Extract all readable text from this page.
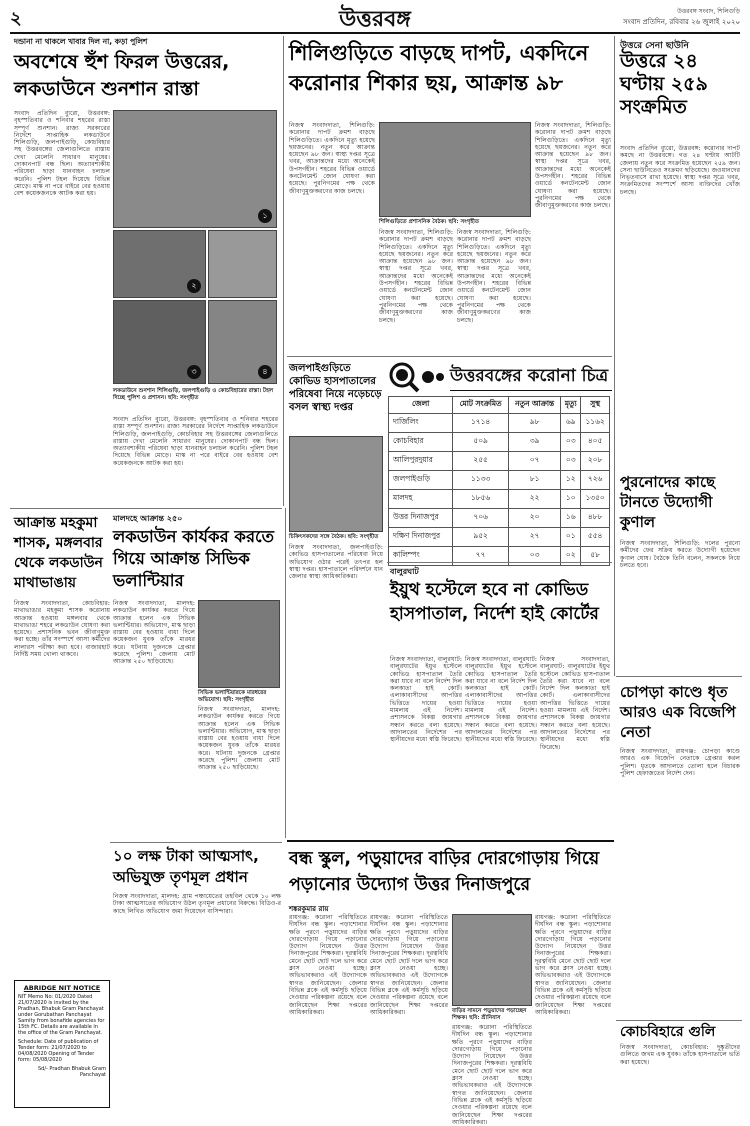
২	উত্তরবঙ্গ	উত্তরবঙ্গ সংবাদ, শিলিগুড়ি
সংবাদ প্রতিদিন, রবিবার ২৬ জুলাই ২০২০
দন্ডানা না থাকলে খাবার দিল না, কড়া পুলিশ
অবশেষে হুঁশ ফিরল উত্তরের, লকডাউনে শুনশান রাস্তা
সংবাদ প্রতিদিন ব্যুরো, উত্তরবঙ্গ: বৃহস্পতিবার ও শনিবার শহরের রাস্তা সম্পূর্ণ শুনশান। রাজ্য সরকারের নির্দেশে সাপ্তাহিক লকডাউনে শিলিগুড়ি, জলপাইগুড়ি, কোচবিহার সহ উত্তরবঙ্গের জেলাগুলিতে রাস্তায় দেখা মেলেনি সাধারণ মানুষের। দোকানপাট বন্ধ ছিল। অত্যাবশ্যকীয় পরিষেবা ছাড়া যানবাহন চলাচল করেনি। পুলিশ টহল দিয়েছে বিভিন্ন মোড়ে। মাস্ক না পরে বাইরে বের হওয়ায় বেশ কয়েকজনকে আটক করা হয়।
১
২
৩	৪
লকডাউনে শুনশান শিলিগুড়ি, জলপাইগুড়ি ও কোচবিহারের রাস্তা। টহল দিচ্ছে পুলিশ ও প্রশাসন। ছবি: সংগৃহীত
সংবাদ প্রতিদিন ব্যুরো, উত্তরবঙ্গ: বৃহস্পতিবার ও শনিবার শহরের রাস্তা সম্পূর্ণ শুনশান। রাজ্য সরকারের নির্দেশে সাপ্তাহিক লকডাউনে শিলিগুড়ি, জলপাইগুড়ি, কোচবিহার সহ উত্তরবঙ্গের জেলাগুলিতে রাস্তায় দেখা মেলেনি সাধারণ মানুষের। দোকানপাট বন্ধ ছিল। অত্যাবশ্যকীয় পরিষেবা ছাড়া যানবাহন চলাচল করেনি। পুলিশ টহল দিয়েছে বিভিন্ন মোড়ে। মাস্ক না পরে বাইরে বের হওয়ায় বেশ কয়েকজনকে আটক করা হয়।
শিলিগুড়িতে বাড়ছে দাপট, একদিনে করোনার শিকার ছয়, আক্রান্ত ৯৮
নিজস্ব সংবাদদাতা, শিলিগুড়ি: করোনার দাপট ক্রমশ বাড়ছে শিলিগুড়িতে। একদিনে মৃত্যু হয়েছে ছয়জনের। নতুন করে আক্রান্ত হয়েছেন ৯৮ জন। স্বাস্থ্য দপ্তর সূত্রে খবর, আক্রান্তদের মধ্যে অনেকেই উপসর্গহীন। শহরের বিভিন্ন ওয়ার্ডে কনটেনমেন্ট জোন ঘোষণা করা হয়েছে। পুরনিগমের পক্ষ থেকে জীবাণুমুক্তকরণের কাজ চলছে।
শিলিগুড়িতে প্রশাসনিক বৈঠক। ছবি: সংগৃহীত
নিজস্ব সংবাদদাতা, শিলিগুড়ি: করোনার দাপট ক্রমশ বাড়ছে শিলিগুড়িতে। একদিনে মৃত্যু হয়েছে ছয়জনের। নতুন করে আক্রান্ত হয়েছেন ৯৮ জন। স্বাস্থ্য দপ্তর সূত্রে খবর, আক্রান্তদের মধ্যে অনেকেই উপসর্গহীন। শহরের বিভিন্ন ওয়ার্ডে কনটেনমেন্ট জোন ঘোষণা করা হয়েছে। পুরনিগমের পক্ষ থেকে জীবাণুমুক্তকরণের কাজ চলছে।
নিজস্ব সংবাদদাতা, শিলিগুড়ি: করোনার দাপট ক্রমশ বাড়ছে শিলিগুড়িতে। একদিনে মৃত্যু হয়েছে ছয়জনের। নতুন করে আক্রান্ত হয়েছেন ৯৮ জন। স্বাস্থ্য দপ্তর সূত্রে খবর, আক্রান্তদের মধ্যে অনেকেই উপসর্গহীন। শহরের বিভিন্ন ওয়ার্ডে কনটেনমেন্ট জোন ঘোষণা করা হয়েছে। পুরনিগমের পক্ষ থেকে জীবাণুমুক্তকরণের কাজ চলছে।
নিজস্ব সংবাদদাতা, শিলিগুড়ি: করোনার দাপট ক্রমশ বাড়ছে শিলিগুড়িতে। একদিনে মৃত্যু হয়েছে ছয়জনের। নতুন করে আক্রান্ত হয়েছেন ৯৮ জন। স্বাস্থ্য দপ্তর সূত্রে খবর, আক্রান্তদের মধ্যে অনেকেই উপসর্গহীন। শহরের বিভিন্ন ওয়ার্ডে কনটেনমেন্ট জোন ঘোষণা করা হয়েছে। পুরনিগমের পক্ষ থেকে জীবাণুমুক্তকরণের কাজ চলছে।
উত্তরে সেনা ছাউনি
উত্তরে ২৪ ঘণ্টায় ২৫৯ সংক্রমিত
সংবাদ প্রতিদিন ব্যুরো, উত্তরবঙ্গ: করোনার দাপট কমছে না উত্তরবঙ্গে। গত ২৪ ঘণ্টায় আটটি জেলায় নতুন করে সংক্রমিত হয়েছেন ২৫৯ জন। সেনা ছাউনিতেও সংক্রমণ ছড়িয়েছে। জওয়ানদের নিভৃতবাসে রাখা হয়েছে। স্বাস্থ্য দপ্তর সূত্রে খবর, সংক্রমিতদের সংস্পর্শে আসা ব্যক্তিদের খোঁজ চলছে।
পুরনোদের কাছে টানতে উদ্যোগী কুণাল
নিজস্ব সংবাদদাতা, শিলিগুড়ি: দলের পুরনো কর্মীদের ফের সক্রিয় করতে উদ্যোগী হয়েছেন কুণাল ঘোষ। বৈঠকে তিনি বলেন, সকলকে নিয়ে চলতে হবে।
জলপাইগুড়িতে কোভিড হাসপাতালের পরিষেবা নিয়ে নড়েচড়ে বসল স্বাস্থ্য দপ্তর
চিকিৎসকদের সঙ্গে বৈঠক। ছবি: সংগৃহীত
নিজস্ব সংবাদদাতা, জলপাইগুড়ি: কোভিড হাসপাতালের পরিষেবা নিয়ে অভিযোগ ওঠার পরেই তৎপর হল স্বাস্থ্য দপ্তর। হাসপাতালে পরিদর্শনে যান জেলার স্বাস্থ্য আধিকারিকরা।
উত্তরবঙ্গের করোনা চিত্র
জেলা	মোট সংক্রমিত	নতুন আক্রান্ত	মৃত্যু	সুস্থ
দার্জিলিং	১৭১৪	৯৮	৬৯	১১৬২
কোচবিহার	৫০৯	৩৯	০৩	৪০৫
আলিপুরদুয়ার	২৫৫	০৭	০৩	২০৮
জলপাইগুড়ি	১১৩৩	৮১	১২	৭২৬
মালদহ	১৮৫৬	২২	১০	১৩৫০
উত্তর দিনাজপুর	৭০৬	২০	১৬	৪৮৮
দক্ষিণ দিনাজপুর	৯৫২	২৭	০১	৫৫৪
কালিম্পং	৭৭	০৩	০২	৫৮
আক্রান্ত মহকুমা শাসক, মঙ্গলবার থেকে লকডাউন মাথাভাঙায়
নিজস্ব সংবাদদাতা, কোচবিহার: মাথাভাঙার মহকুমা শাসক করোনায় আক্রান্ত হওয়ায় মঙ্গলবার থেকে মাথাভাঙা শহরে লকডাউন ঘোষণা করা হয়েছে। প্রশাসনিক ভবন জীবাণুমুক্ত করা হচ্ছে। তাঁর সংস্পর্শে আসা কর্মীদের লালারস পরীক্ষা করা হবে। বাজারহাট নির্দিষ্ট সময় খোলা থাকবে।
মালদহে আক্রান্ত ২৫০
লকডাউন কার্যকর করতে গিয়ে আক্রান্ত সিভিক ভলান্টিয়ার
নিজস্ব সংবাদদাতা, মালদহ: লকডাউন কার্যকর করতে গিয়ে আক্রান্ত হলেন এক সিভিক ভলান্টিয়ার। অভিযোগ, মাস্ক ছাড়া রাস্তায় বের হওয়ায় বাধা দিলে কয়েকজন যুবক তাঁকে মারধর করে। ঘটনায় দুজনকে গ্রেপ্তার করেছে পুলিশ। জেলায় মোট আক্রান্ত ২৫০ ছাড়িয়েছে।
সিভিক ভলান্টিয়ারকে মারধরের অভিযোগ। ছবি: সংগৃহীত
নিজস্ব সংবাদদাতা, মালদহ: লকডাউন কার্যকর করতে গিয়ে আক্রান্ত হলেন এক সিভিক ভলান্টিয়ার। অভিযোগ, মাস্ক ছাড়া রাস্তায় বের হওয়ায় বাধা দিলে কয়েকজন যুবক তাঁকে মারধর করে। ঘটনায় দুজনকে গ্রেপ্তার করেছে পুলিশ। জেলায় মোট আক্রান্ত ২৫০ ছাড়িয়েছে।
১০ লক্ষ টাকা আত্মসাৎ, অভিযুক্ত তৃণমূল প্রধান
নিজস্ব সংবাদদাতা, মালদহ: গ্রাম পঞ্চায়েতের তহবিল থেকে ১০ লক্ষ টাকা আত্মসাতের অভিযোগ উঠল তৃণমূল প্রধানের বিরুদ্ধে। বিডিও-র কাছে লিখিত অভিযোগ জমা দিয়েছেন বাসিন্দারা।
ABRIDGE NIT NOTICE
NIT Memo No: 01/2020 Dated 21/07/2020 is invited by the Pradhan, Bhabuk Gram Panchayat under Gorubathan Panchayat Samity from bonafide agencies for 15th FC. Details are available in the office of the Gram Panchayat.
Schedule: Date of publication of Tender form: 21/07/2020 to 04/08/2020 Opening of Tender form: 05/08/2020
Sd/- Pradhan Bhabuk Gram Panchayat
বালুরঘাট
ইয়ুথ হস্টেলে হবে না কোভিড হাসপাতাল, নির্দেশ হাই কোর্টের
নিজস্ব সংবাদদাতা, বালুরঘাট: বালুরঘাটের ইয়ুথ হস্টেলে কোভিড হাসপাতাল তৈরি করা যাবে না বলে নির্দেশ দিল কলকাতা হাই কোর্ট। এলাকাবাসীদের আপত্তির ভিত্তিতে দায়ের হওয়া মামলায় এই নির্দেশ। প্রশাসনকে বিকল্প জায়গার সন্ধান করতে বলা হয়েছে। আদালতের নির্দেশের পর স্থানীয়দের মধ্যে স্বস্তি ফিরেছে।
নিজস্ব সংবাদদাতা, বালুরঘাট: বালুরঘাটের ইয়ুথ হস্টেলে কোভিড হাসপাতাল তৈরি করা যাবে না বলে নির্দেশ দিল কলকাতা হাই কোর্ট। এলাকাবাসীদের আপত্তির ভিত্তিতে দায়ের হওয়া মামলায় এই নির্দেশ। প্রশাসনকে বিকল্প জায়গার সন্ধান করতে বলা হয়েছে। আদালতের নির্দেশের পর স্থানীয়দের মধ্যে স্বস্তি ফিরেছে।
নিজস্ব সংবাদদাতা, বালুরঘাট: বালুরঘাটের ইয়ুথ হস্টেলে কোভিড হাসপাতাল তৈরি করা যাবে না বলে নির্দেশ দিল কলকাতা হাই কোর্ট। এলাকাবাসীদের আপত্তির ভিত্তিতে দায়ের হওয়া মামলায় এই নির্দেশ। প্রশাসনকে বিকল্প জায়গার সন্ধান করতে বলা হয়েছে। আদালতের নির্দেশের পর স্থানীয়দের মধ্যে স্বস্তি ফিরেছে।
চোপড়া কাণ্ডে ধৃত আরও এক বিজেপি নেতা
নিজস্ব সংবাদদাতা, রায়গঞ্জ: চোপড়া কাণ্ডে আরও এক বিজেপি নেতাকে গ্রেপ্তার করল পুলিশ। ধৃতকে আদালতে তোলা হলে বিচারক পুলিশ হেফাজতের নির্দেশ দেন।
কোচবিহারে গুলি
নিজস্ব সংবাদদাতা, কোচবিহার: দুষ্কৃতীদের গুলিতে জখম এক যুবক। তাঁকে হাসপাতালে ভর্তি করা হয়েছে।
বন্ধ স্কুল, পড়ুয়াদের বাড়ির দোরগোড়ায় গিয়ে পড়ানোর উদ্যোগ উত্তর দিনাজপুরে
শঙ্করকুমার রায়
রায়গঞ্জ: করোনা পরিস্থিতিতে দীর্ঘদিন বন্ধ স্কুল। পড়াশোনার ক্ষতি পূরণে পড়ুয়াদের বাড়ির দোরগোড়ায় গিয়ে পড়ানোর উদ্যোগ নিয়েছেন উত্তর দিনাজপুরের শিক্ষকরা। দূরত্ববিধি মেনে ছোট ছোট দলে ভাগ করে ক্লাস নেওয়া হচ্ছে। অভিভাবকরাও এই উদ্যোগকে স্বাগত জানিয়েছেন। জেলার বিভিন্ন ব্লকে এই কর্মসূচি ছড়িয়ে দেওয়ার পরিকল্পনা রয়েছে বলে জানিয়েছেন শিক্ষা দপ্তরের আধিকারিকরা।
রায়গঞ্জ: করোনা পরিস্থিতিতে দীর্ঘদিন বন্ধ স্কুল। পড়াশোনার ক্ষতি পূরণে পড়ুয়াদের বাড়ির দোরগোড়ায় গিয়ে পড়ানোর উদ্যোগ নিয়েছেন উত্তর দিনাজপুরের শিক্ষকরা। দূরত্ববিধি মেনে ছোট ছোট দলে ভাগ করে ক্লাস নেওয়া হচ্ছে। অভিভাবকরাও এই উদ্যোগকে স্বাগত জানিয়েছেন। জেলার বিভিন্ন ব্লকে এই কর্মসূচি ছড়িয়ে দেওয়ার পরিকল্পনা রয়েছে বলে জানিয়েছেন শিক্ষা দপ্তরের আধিকারিকরা।	বাড়ির সামনে পড়ুয়াদের পড়াচ্ছেন শিক্ষক। ছবি: শ্রীনিবাস
রায়গঞ্জ: করোনা পরিস্থিতিতে দীর্ঘদিন বন্ধ স্কুল। পড়াশোনার ক্ষতি পূরণে পড়ুয়াদের বাড়ির দোরগোড়ায় গিয়ে পড়ানোর উদ্যোগ নিয়েছেন উত্তর দিনাজপুরের শিক্ষকরা। দূরত্ববিধি মেনে ছোট ছোট দলে ভাগ করে ক্লাস নেওয়া হচ্ছে। অভিভাবকরাও এই উদ্যোগকে স্বাগত জানিয়েছেন। জেলার বিভিন্ন ব্লকে এই কর্মসূচি ছড়িয়ে দেওয়ার পরিকল্পনা রয়েছে বলে জানিয়েছেন শিক্ষা দপ্তরের আধিকারিকরা।
রায়গঞ্জ: করোনা পরিস্থিতিতে দীর্ঘদিন বন্ধ স্কুল। পড়াশোনার ক্ষতি পূরণে পড়ুয়াদের বাড়ির দোরগোড়ায় গিয়ে পড়ানোর উদ্যোগ নিয়েছেন উত্তর দিনাজপুরের শিক্ষকরা। দূরত্ববিধি মেনে ছোট ছোট দলে ভাগ করে ক্লাস নেওয়া হচ্ছে। অভিভাবকরাও এই উদ্যোগকে স্বাগত জানিয়েছেন। জেলার বিভিন্ন ব্লকে এই কর্মসূচি ছড়িয়ে দেওয়ার পরিকল্পনা রয়েছে বলে জানিয়েছেন শিক্ষা দপ্তরের আধিকারিকরা।
